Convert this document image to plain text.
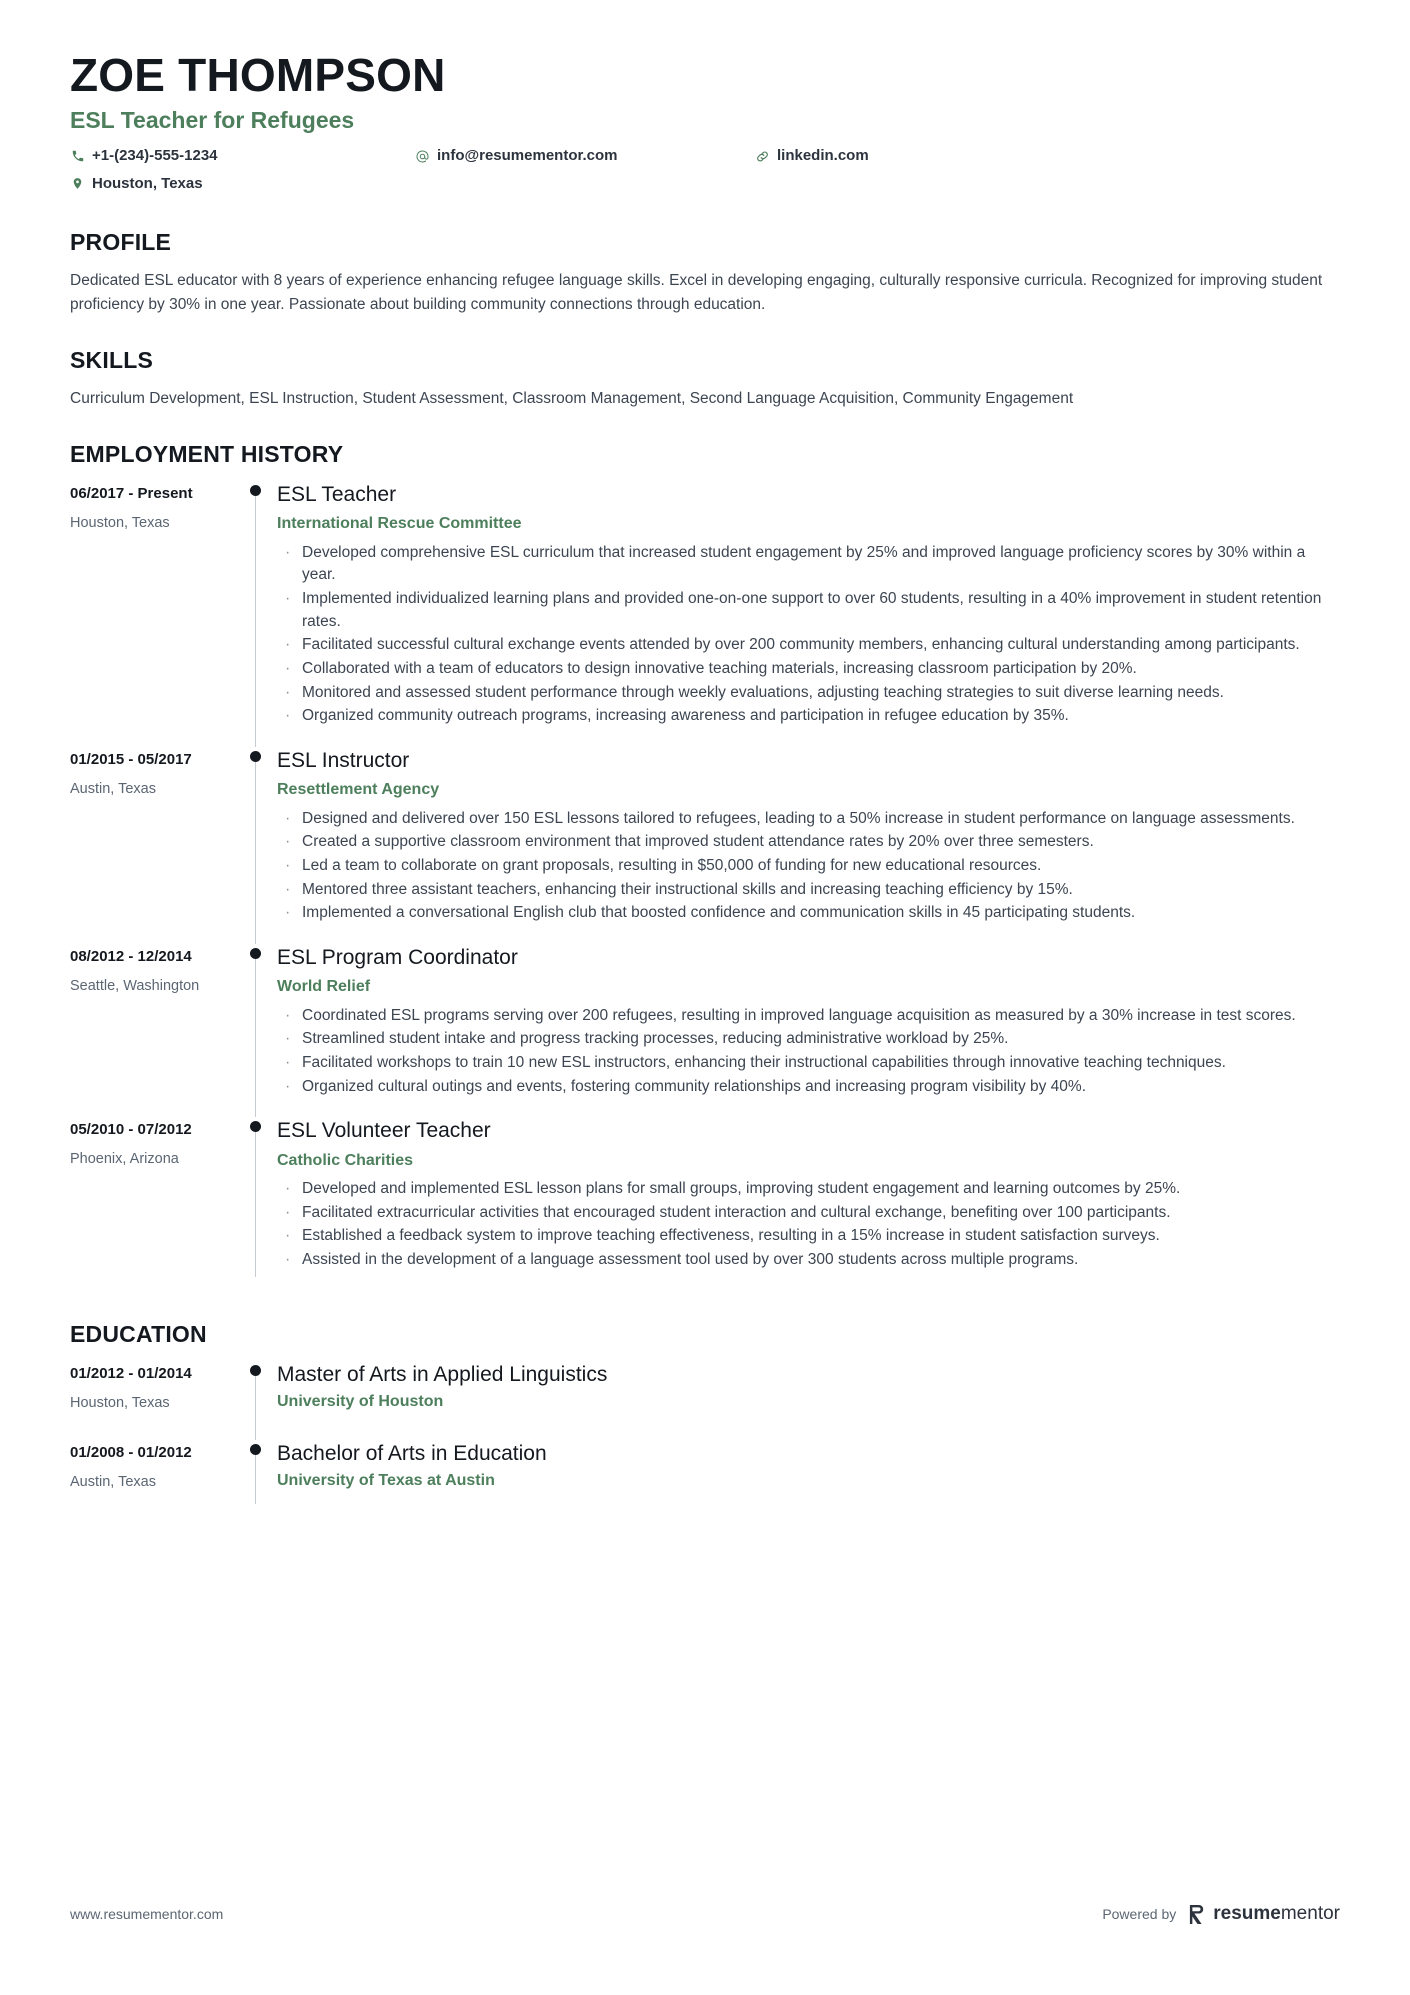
ZOE THOMPSON
ESL Teacher for Refugees
+1-(234)-555-1234
Houston, Texas
info@resumementor.com	linkedin.com
PROFILE
Dedicated ESL educator with 8 years of experience enhancing refugee language skills. Excel in developing engaging, culturally responsive curricula. Recognized for improving student proficiency by 30% in one year. Passionate about building community connections through education.
SKILLS
Curriculum Development, ESL Instruction, Student Assessment, Classroom Management, Second Language Acquisition, Community Engagement
EMPLOYMENT HISTORY
06/2017 - Present
Houston, Texas
ESL Teacher
International Rescue Committee
· Developed comprehensive ESL curriculum that increased student engagement by 25% and improved language proficiency scores by 30% within a year.
· Implemented individualized learning plans and provided one-on-one support to over 60 students, resulting in a 40% improvement in student retention rates.
· Facilitated successful cultural exchange events attended by over 200 community members, enhancing cultural understanding among participants.
· Collaborated with a team of educators to design innovative teaching materials, increasing classroom participation by 20%.
· Monitored and assessed student performance through weekly evaluations, adjusting teaching strategies to suit diverse learning needs.
· Organized community outreach programs, increasing awareness and participation in refugee education by 35%.
01/2015 - 05/2017
Austin, Texas
ESL Instructor
Resettlement Agency
· Designed and delivered over 150 ESL lessons tailored to refugees, leading to a 50% increase in student performance on language assessments.
· Created a supportive classroom environment that improved student attendance rates by 20% over three semesters.
· Led a team to collaborate on grant proposals, resulting in $50,000 of funding for new educational resources.
· Mentored three assistant teachers, enhancing their instructional skills and increasing teaching efficiency by 15%.
· Implemented a conversational English club that boosted confidence and communication skills in 45 participating students.
08/2012 - 12/2014
Seattle, Washington
ESL Program Coordinator
World Relief
· Coordinated ESL programs serving over 200 refugees, resulting in improved language acquisition as measured by a 30% increase in test scores.
· Streamlined student intake and progress tracking processes, reducing administrative workload by 25%.
· Facilitated workshops to train 10 new ESL instructors, enhancing their instructional capabilities through innovative teaching techniques.
· Organized cultural outings and events, fostering community relationships and increasing program visibility by 40%.
05/2010 - 07/2012
Phoenix, Arizona
ESL Volunteer Teacher
Catholic Charities
· Developed and implemented ESL lesson plans for small groups, improving student engagement and learning outcomes by 25%.
· Facilitated extracurricular activities that encouraged student interaction and cultural exchange, benefiting over 100 participants.
· Established a feedback system to improve teaching effectiveness, resulting in a 15% increase in student satisfaction surveys.
· Assisted in the development of a language assessment tool used by over 300 students across multiple programs.
EDUCATION
01/2012 - 01/2014
Houston, Texas
Master of Arts in Applied Linguistics
University of Houston
01/2008 - 01/2012
Austin, Texas
Bachelor of Arts in Education
University of Texas at Austin
www.resumementor.com	Powered by resumementor
